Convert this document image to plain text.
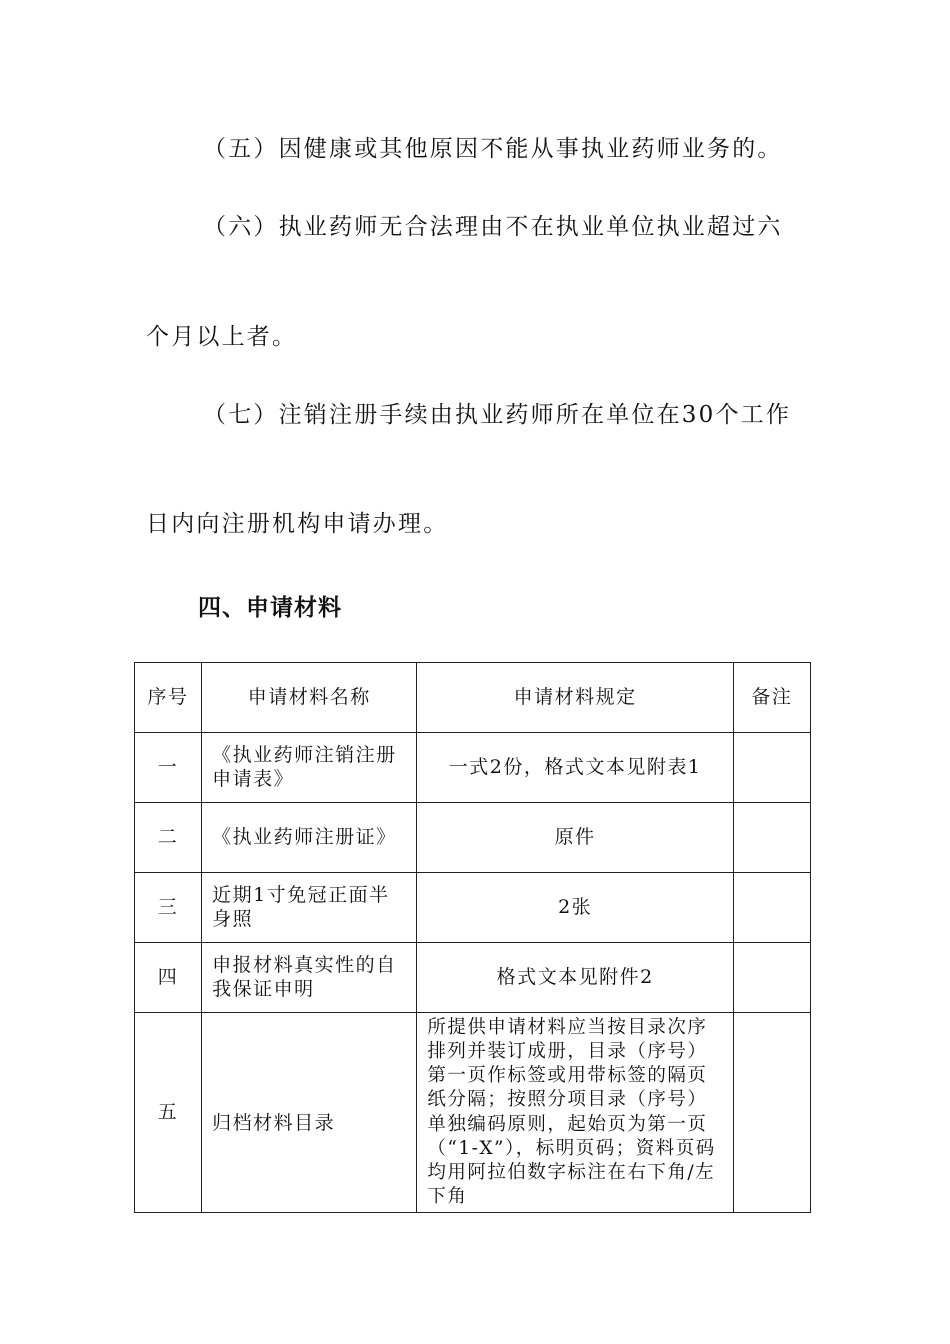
（五）因健康或其他原因不能从事执业药师业务的。
（六）执业药师无合法理由不在执业单位执业超过六
个月以上者。
（七）注销注册手续由执业药师所在单位在30个工作
日内向注册机构申请办理。
四、申请材料
序号	申请材料名称	申请材料规定	备注
一	《执业药师注销注册申请表》	一式2份，格式文本见附表1	
二	《执业药师注册证》	原件	
三	近期1寸免冠正面半身照	2张	
四	申报材料真实性的自我保证申明	格式文本见附件2	
五	归档材料目录	所提供申请材料应当按目录次序排列并装订成册，目录（序号）第一页作标签或用带标签的隔页纸分隔；按照分项目录（序号）单独编码原则，起始页为第一页（“1-X”），标明页码；资料页码均用阿拉伯数字标注在右下角/左下角	
